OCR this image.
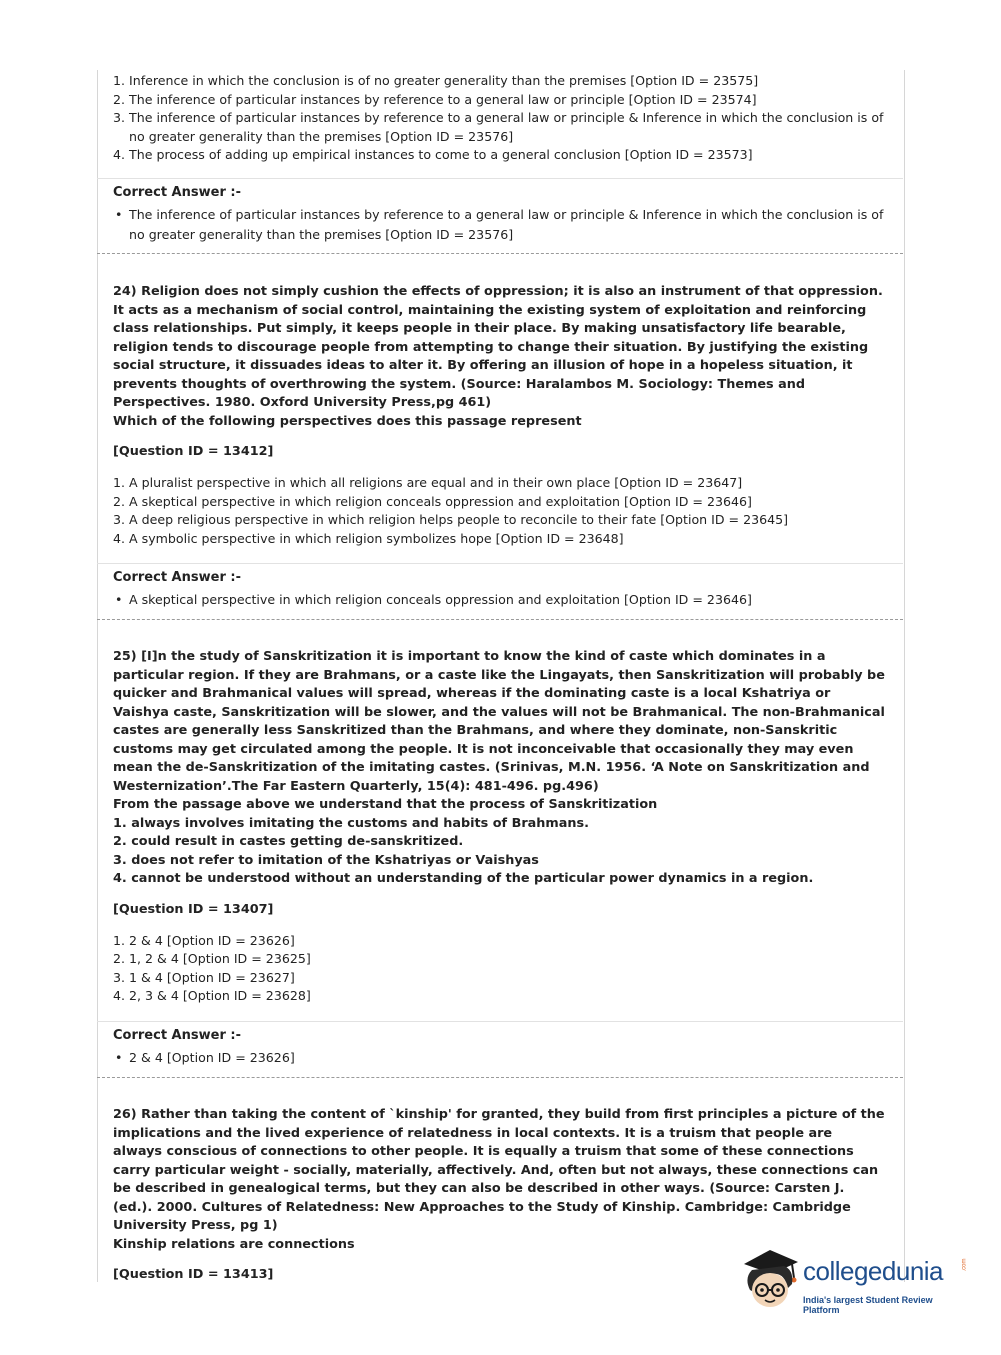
1. Inference in which the conclusion is of no greater generality than the premises [Option ID = 23575]
2. The inference of particular instances by reference to a general law or principle [Option ID = 23574]
3. The inference of particular instances by reference to a general law or principle & Inference in which the conclusion is of no greater generality than the premises [Option ID = 23576]
4. The process of adding up empirical instances to come to a general conclusion [Option ID = 23573]
Correct Answer :-
• The inference of particular instances by reference to a general law or principle & Inference in which the conclusion is of no greater generality than the premises [Option ID = 23576]
24) Religion does not simply cushion the effects of oppression; it is also an instrument of that oppression. It acts as a mechanism of social control, maintaining the existing system of exploitation and reinforcing class relationships. Put simply, it keeps people in their place. By making unsatisfactory life bearable, religion tends to discourage people from attempting to change their situation. By justifying the existing social structure, it dissuades ideas to alter it. By offering an illusion of hope in a hopeless situation, it prevents thoughts of overthrowing the system. (Source: Haralambos M. Sociology: Themes and Perspectives. 1980. Oxford University Press,pg 461)
Which of the following perspectives does this passage represent
[Question ID = 13412]
1. A pluralist perspective in which all religions are equal and in their own place [Option ID = 23647]
2. A skeptical perspective in which religion conceals oppression and exploitation [Option ID = 23646]
3. A deep religious perspective in which religion helps people to reconcile to their fate [Option ID = 23645]
4. A symbolic perspective in which religion symbolizes hope [Option ID = 23648]
Correct Answer :-
• A skeptical perspective in which religion conceals oppression and exploitation [Option ID = 23646]
25) [I]n the study of Sanskritization it is important to know the kind of caste which dominates in a particular region. If they are Brahmans, or a caste like the Lingayats, then Sanskritization will probably be quicker and Brahmanical values will spread, whereas if the dominating caste is a local Kshatriya or Vaishya caste, Sanskritization will be slower, and the values will not be Brahmanical. The non-Brahmanical castes are generally less Sanskritized than the Brahmans, and where they dominate, non-Sanskritic customs may get circulated among the people. It is not inconceivable that occasionally they may even mean the de-Sanskritization of the imitating castes. (Srinivas, M.N. 1956. ‘A Note on Sanskritization and Westernization’.The Far Eastern Quarterly, 15(4): 481-496. pg.496)
From the passage above we understand that the process of Sanskritization
1. always involves imitating the customs and habits of Brahmans.
2. could result in castes getting de-sanskritized.
3. does not refer to imitation of the Kshatriyas or Vaishyas
4. cannot be understood without an understanding of the particular power dynamics in a region.
[Question ID = 13407]
1. 2 & 4 [Option ID = 23626]
2. 1, 2 & 4 [Option ID = 23625]
3. 1 & 4 [Option ID = 23627]
4. 2, 3 & 4 [Option ID = 23628]
Correct Answer :-
• 2 & 4 [Option ID = 23626]
26) Rather than taking the content of `kinship' for granted, they build from first principles a picture of the implications and the lived experience of relatedness in local contexts. It is a truism that people are always conscious of connections to other people. It is equally a truism that some of these connections carry particular weight - socially, materially, affectively. And, often but not always, these connections can be described in genealogical terms, but they can also be described in other ways. (Source: Carsten J. (ed.). 2000. Cultures of Relatedness: New Approaches to the Study of Kinship. Cambridge: Cambridge University Press, pg 1)
Kinship relations are connections
[Question ID = 13413]	collegedunia	.com
India's largest Student Review Platform
